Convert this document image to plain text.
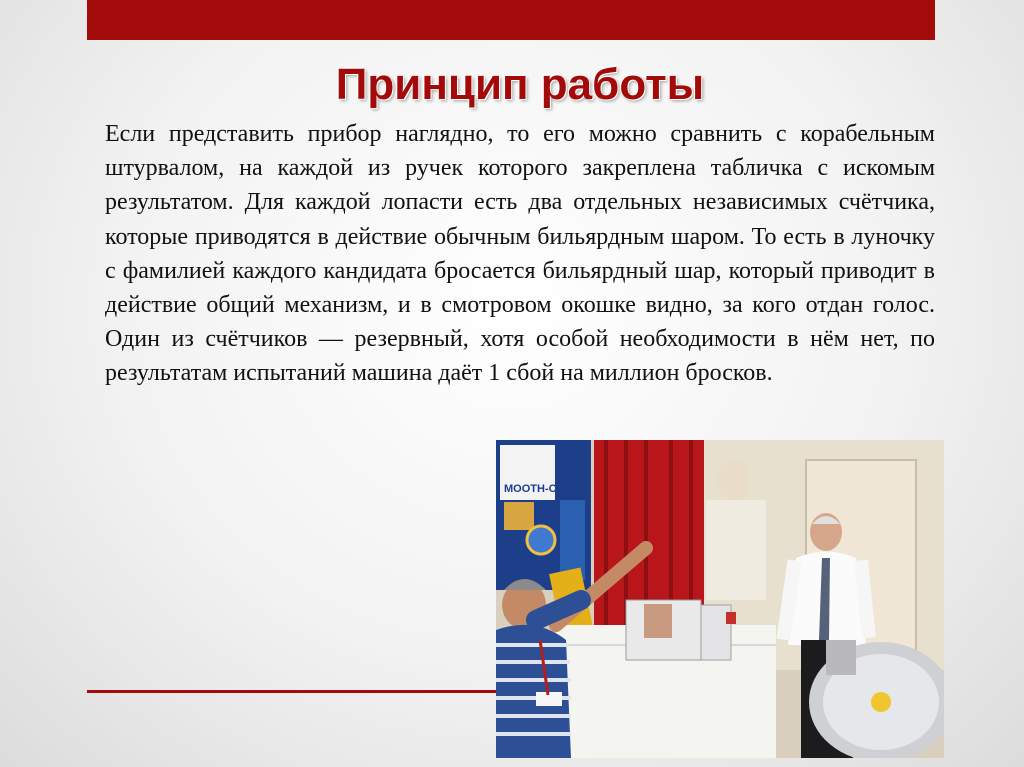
Принцип работы
Если представить прибор наглядно, то его можно сравнить с корабельным штурвалом, на каждой из ручек которого закреплена табличка с искомым результатом. Для каждой лопасти есть два отдельных независимых счётчика, которые приводятся в действие обычным бильярдным шаром. То есть в луночку с фамилией каждого кандидата бросается бильярдный шар, который приводит в действие общий механизм, и в смотровом окошке видно, за кого отдан голос. Один из счётчиков — резервный, хотя особой необходимости в нём нет, по результатам испытаний машина даёт 1 сбой на миллион бросков.
MOOTH-ON
